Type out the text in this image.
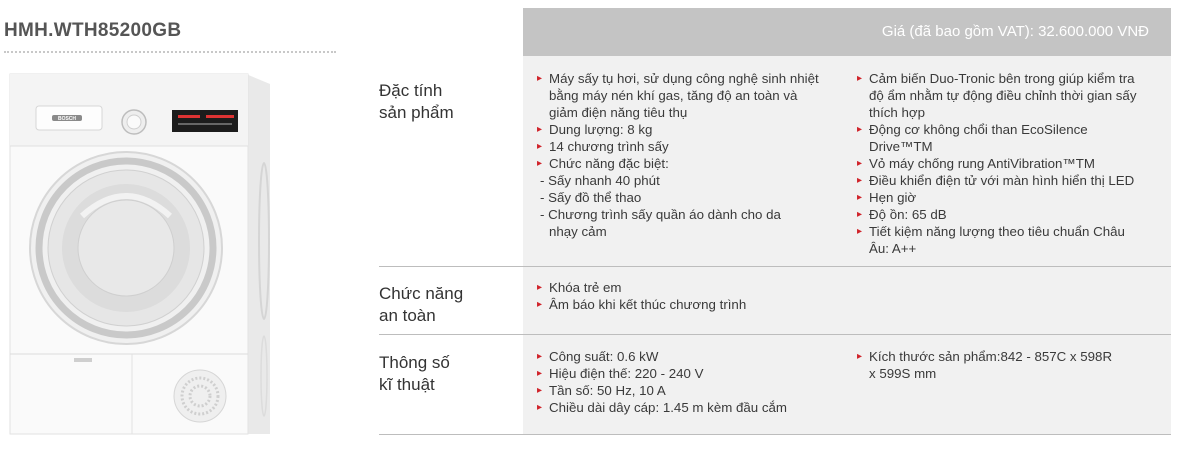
HMH.WTH85200GB
BOSCH
Giá (đã bao gồm VAT): 32.600.000 VNĐ
Đặc tính
sản phẩm
▸ Máy sấy tụ hơi, sử dụng công nghệ sinh nhiệt
bằng máy nén khí gas, tăng độ an toàn và
giảm điện năng tiêu thụ
▸ Dung lượng: 8 kg
▸ 14 chương trình sấy
▸ Chức năng đặc biệt:
- Sấy nhanh 40 phút
- Sấy đồ thể thao
- Chương trình sấy quần áo dành cho da
nhạy cảm
▸ Cảm biến Duo-Tronic bên trong giúp kiểm tra
độ ẩm nhằm tự động điều chỉnh thời gian sấy
thích hợp
▸ Động cơ không chổi than EcoSilence
Drive™TM
▸ Vỏ máy chống rung AntiVibration™TM
▸ Điều khiển điện tử với màn hình hiển thị LED
▸ Hẹn giờ
▸ Độ ồn: 65 dB
▸ Tiết kiệm năng lượng theo tiêu chuẩn Châu
Âu: A++
Chức năng
an toàn
▸ Khóa trẻ em
▸ Âm báo khi kết thúc chương trình
Thông số
kĩ thuật
▸ Công suất: 0.6 kW
▸ Hiệu điện thế: 220 - 240 V
▸ Tần số: 50 Hz, 10 A
▸ Chiều dài dây cáp: 1.45 m kèm đầu cắm
▸ Kích thước sản phẩm:842 - 857C x 598R
x 599S mm
